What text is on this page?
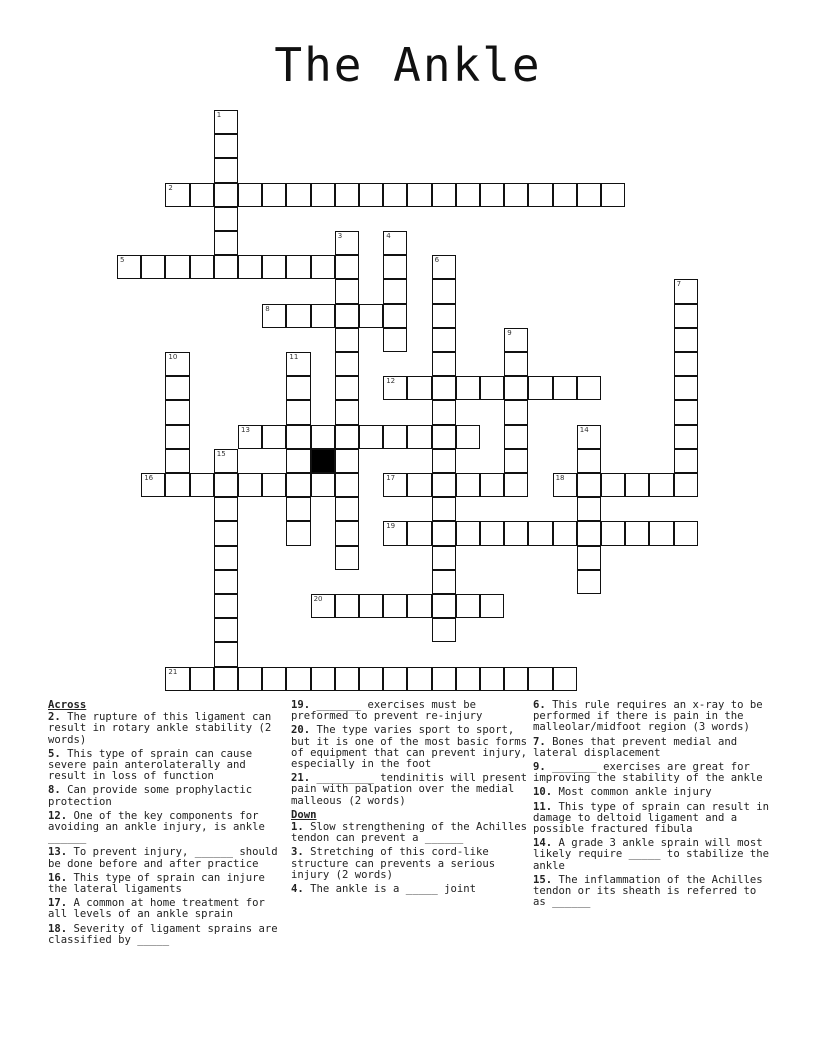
The Ankle
1
2
3	4
5	6
7
8
9
10	11
12
13	14
15
16	17	18
19
20
21
Across
2. The rupture of this ligament can result in rotary ankle stability (2 words)
5. This type of sprain can cause severe pain anterolaterally and result in loss of function
8. Can provide some prophylactic protection
12. One of the key components for avoiding an ankle injury, is ankle ______
13. To prevent injury, ______ should be done before and after practice
16. This type of sprain can injure the lateral ligaments
17. A common at home treatment for all levels of an ankle sprain
18. Severity of ligament sprains are classified by _____
19. _______ exercises must be preformed to prevent re-injury
20. The type varies sport to sport, but it is one of the most basic forms of equipment that can prevent injury, especially in the foot
21. _________ tendinitis will present pain with palpation over the medial malleous (2 words)
Down
1. Slow strengthening of the Achilles tendon can prevent a ______
3. Stretching of this cord-like structure can prevents a serious injury (2 words)
4. The ankle is a _____ joint
6. This rule requires an x-ray to be performed if there is pain in the malleolar/midfoot region (3 words)
7. Bones that prevent medial and lateral displacement
9. _______ exercises are great for improving the stability of the ankle
10. Most common ankle injury
11. This type of sprain can result in damage to deltoid ligament and a possible fractured fibula
14. A grade 3 ankle sprain will most likely require _____ to stabilize the ankle
15. The inflammation of the Achilles tendon or its sheath is referred to as ______
